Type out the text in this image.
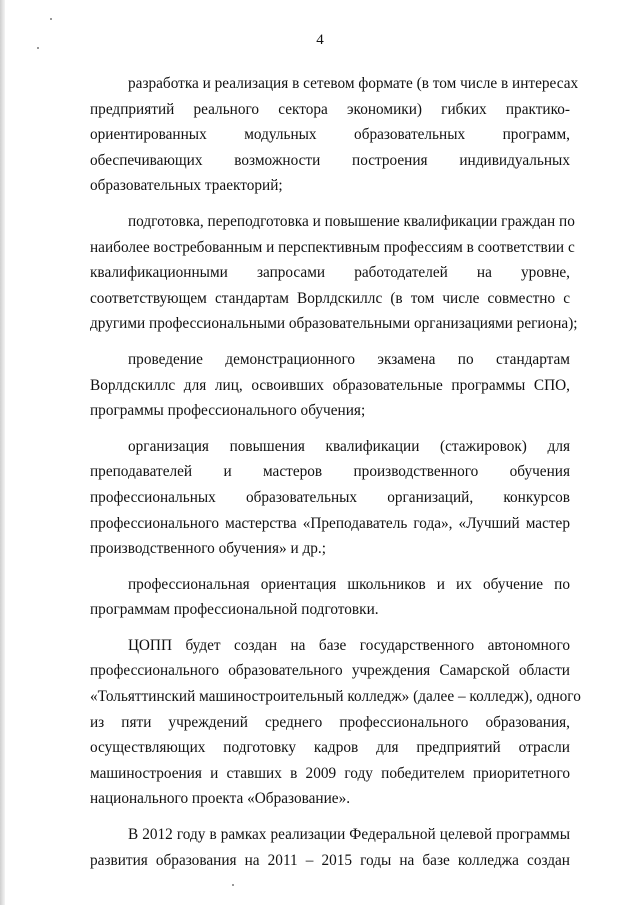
4
разработка и реализация в сетевом формате (в том числе в интересах
предприятий реального сектора экономики) гибких практико-
ориентированных модульных образовательных программ,
обеспечивающих возможности построения индивидуальных
образовательных траекторий;
подготовка, переподготовка и повышение квалификации граждан по
наиболее востребованным и перспективным профессиям в соответствии с
квалификационными запросами работодателей на уровне,
соответствующем стандартам Ворлдскиллс (в том числе совместно с
другими профессиональными образовательными организациями региона);
проведение демонстрационного экзамена по стандартам
Ворлдскиллс для лиц, освоивших образовательные программы СПО,
программы профессионального обучения;
организация повышения квалификации (стажировок) для
преподавателей и мастеров производственного обучения
профессиональных образовательных организаций, конкурсов
профессионального мастерства «Преподаватель года», «Лучший мастер
производственного обучения» и др.;
профессиональная ориентация школьников и их обучение по
программам профессиональной подготовки.
ЦОПП будет создан на базе государственного автономного
профессионального образовательного учреждения Самарской области
«Тольяттинский машиностроительный колледж» (далее – колледж), одного
из пяти учреждений среднего профессионального образования,
осуществляющих подготовку кадров для предприятий отрасли
машиностроения и ставших в 2009 году победителем приоритетного
национального проекта «Образование».
В 2012 году в рамках реализации Федеральной целевой программы
развития образования на 2011 – 2015 годы на базе колледжа создан
